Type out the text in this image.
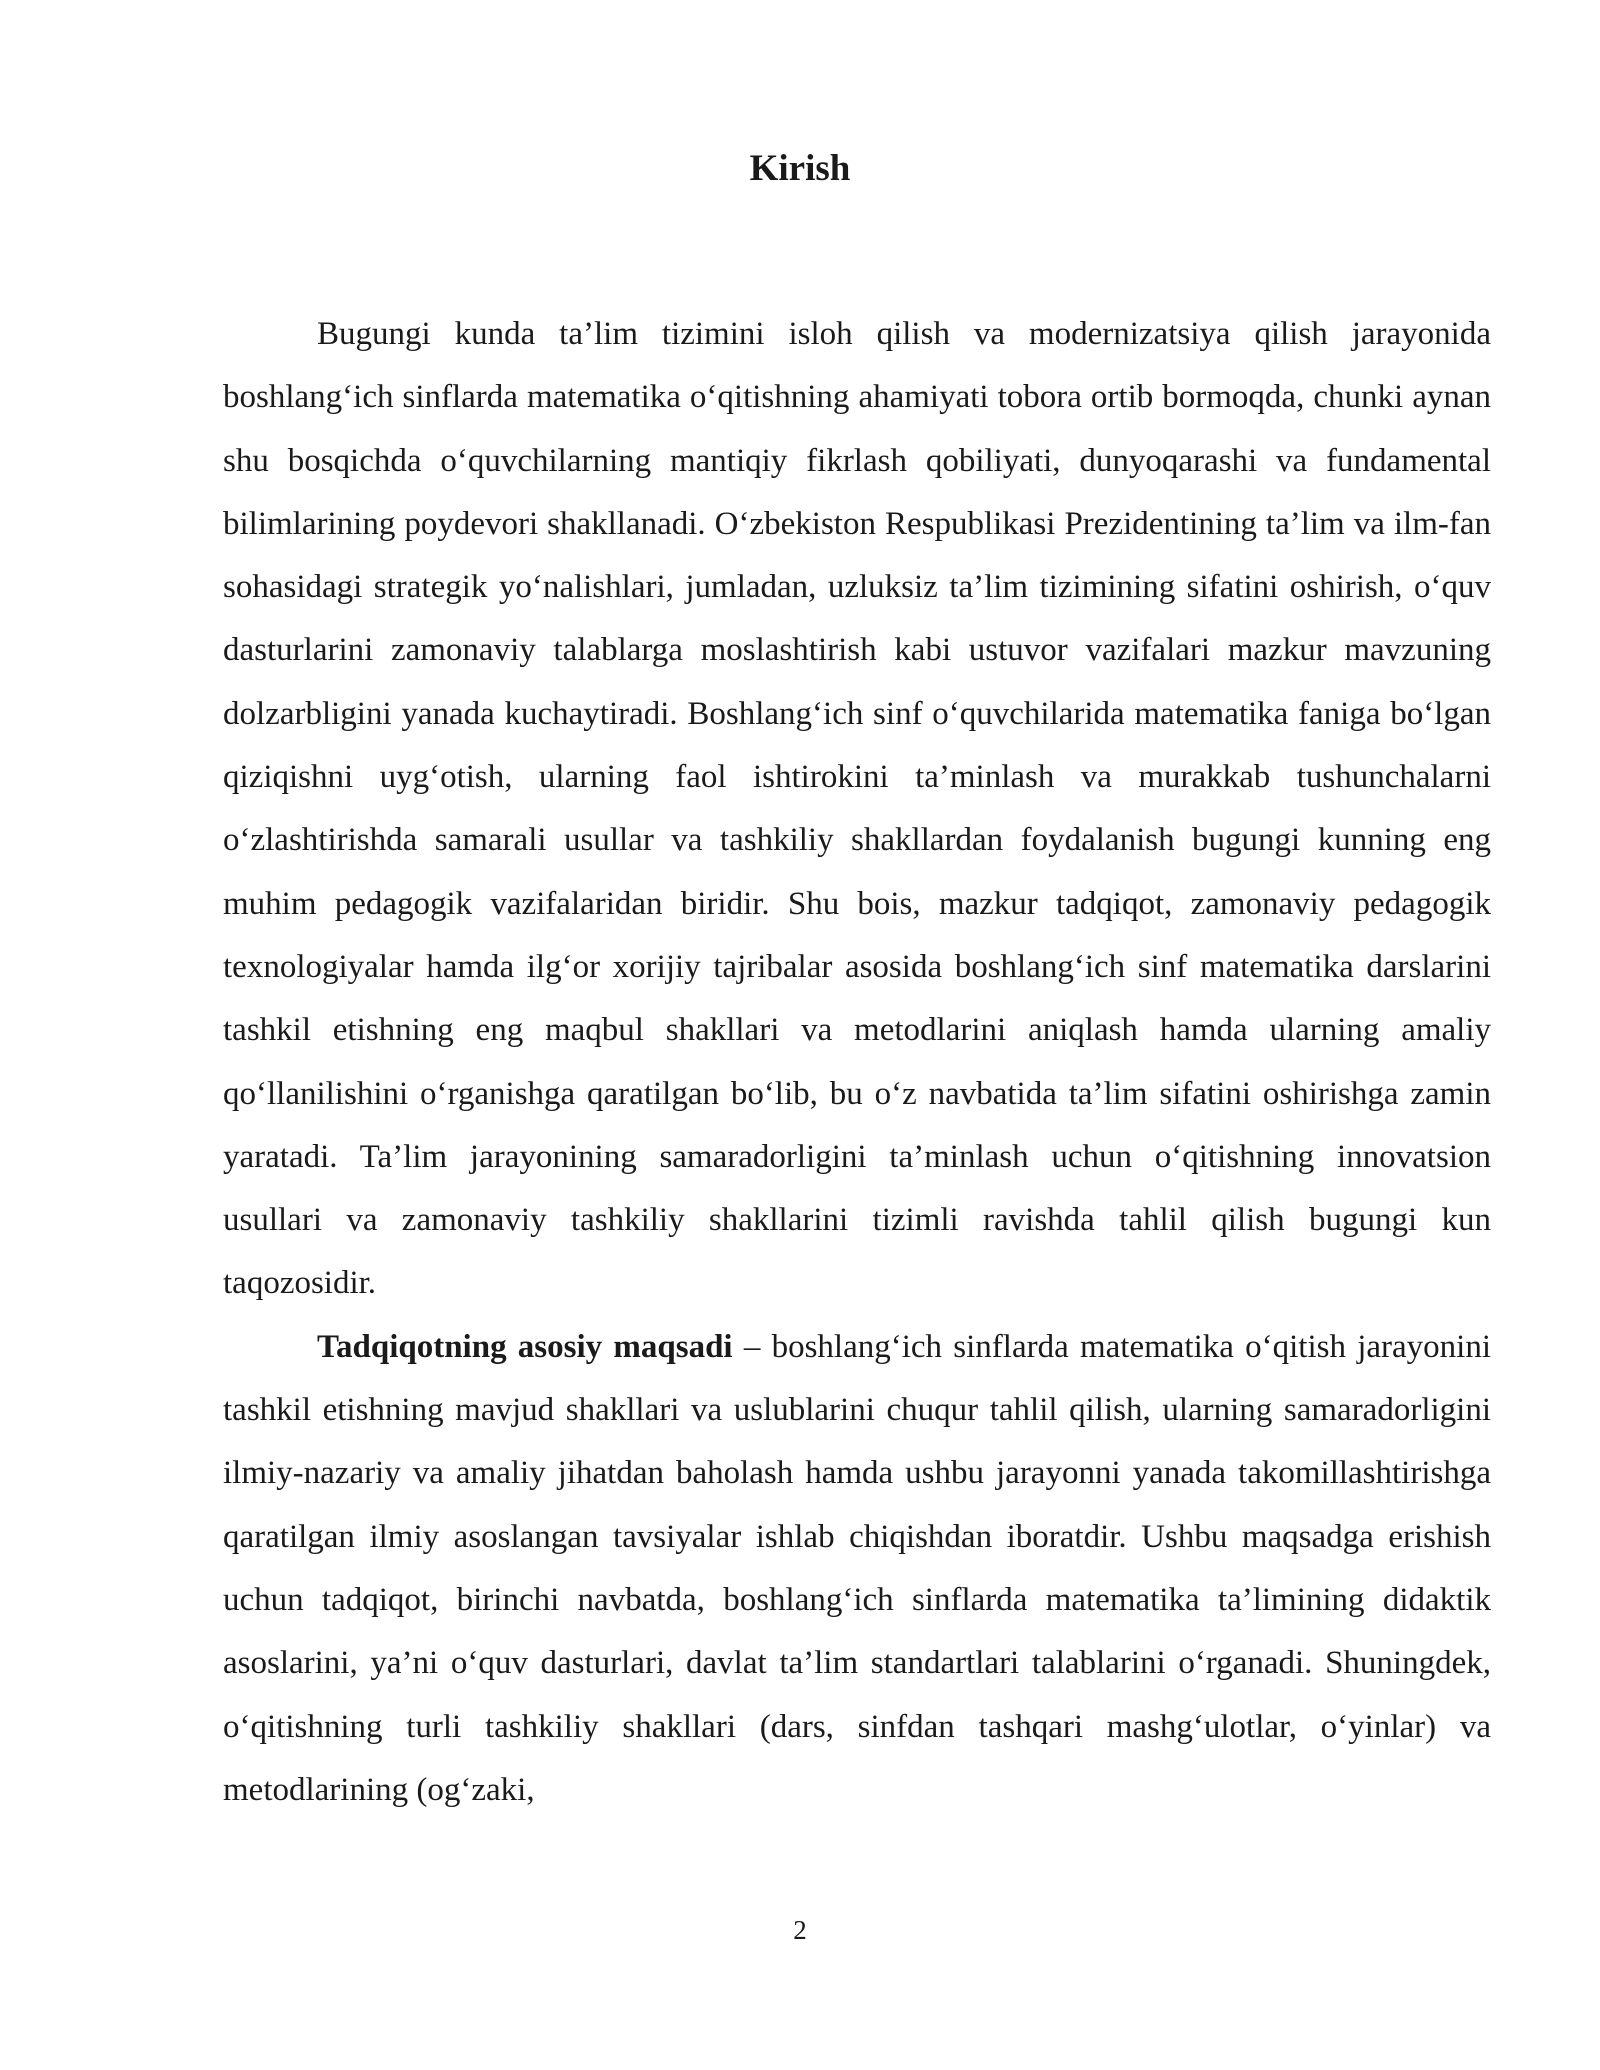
Kirish

Bugungi kunda ta’lim tizimini isloh qilish va modernizatsiya qilish jarayonida boshlang‘ich sinflarda matematika o‘qitishning ahamiyati tobora ortib bormoqda, chunki aynan shu bosqichda o‘quvchilarning mantiqiy fikrlash qobiliyati, dunyoqarashi va fundamental bilimlarining poydevori shakllanadi. O‘zbekiston Respublikasi Prezidentining ta’lim va ilm-fan sohasidagi strategik yo‘nalishlari, jumladan, uzluksiz ta’lim tizimining sifatini oshirish, o‘quv dasturlarini zamonaviy talablarga moslashtirish kabi ustuvor vazifalari mazkur mavzuning dolzarbligini yanada kuchaytiradi. Boshlang‘ich sinf o‘quvchilarida matematika faniga bo‘lgan qiziqishni uyg‘otish, ularning faol ishtirokini ta’minlash va murakkab tushunchalarni o‘zlashtirishda samarali usullar va tashkiliy shakllardan foydalanish bugungi kunning eng muhim pedagogik vazifalaridan biridir. Shu bois, mazkur tadqiqot, zamonaviy pedagogik texnologiyalar hamda ilg‘or xorijiy tajribalar asosida boshlang‘ich sinf matematika darslarini tashkil etishning eng maqbul shakllari va metodlarini aniqlash hamda ularning amaliy qo‘llanilishini o‘rganishga qaratilgan bo‘lib, bu o‘z navbatida ta’lim sifatini oshirishga zamin yaratadi. Ta’lim jarayonining samaradorligini ta’minlash uchun o‘qitishning innovatsion usullari va zamonaviy tashkiliy shakllarini tizimli ravishda tahlil qilish bugungi kun taqozosidir.

Tadqiqotning asosiy maqsadi – boshlang‘ich sinflarda matematika o‘qitish jarayonini tashkil etishning mavjud shakllari va uslublarini chuqur tahlil qilish, ularning samaradorligini ilmiy-nazariy va amaliy jihatdan baholash hamda ushbu jarayonni yanada takomillashtirishga qaratilgan ilmiy asoslangan tavsiyalar ishlab chiqishdan iboratdir. Ushbu maqsadga erishish uchun tadqiqot, birinchi navbatda, boshlang‘ich sinflarda matematika ta’limining didaktik asoslarini, ya’ni o‘quv dasturlari, davlat ta’lim standartlari talablarini o‘rganadi. Shuningdek, o‘qitishning turli tashkiliy shakllari (dars, sinfdan tashqari mashg‘ulotlar, o‘yinlar) va metodlarining (og‘zaki,

2
